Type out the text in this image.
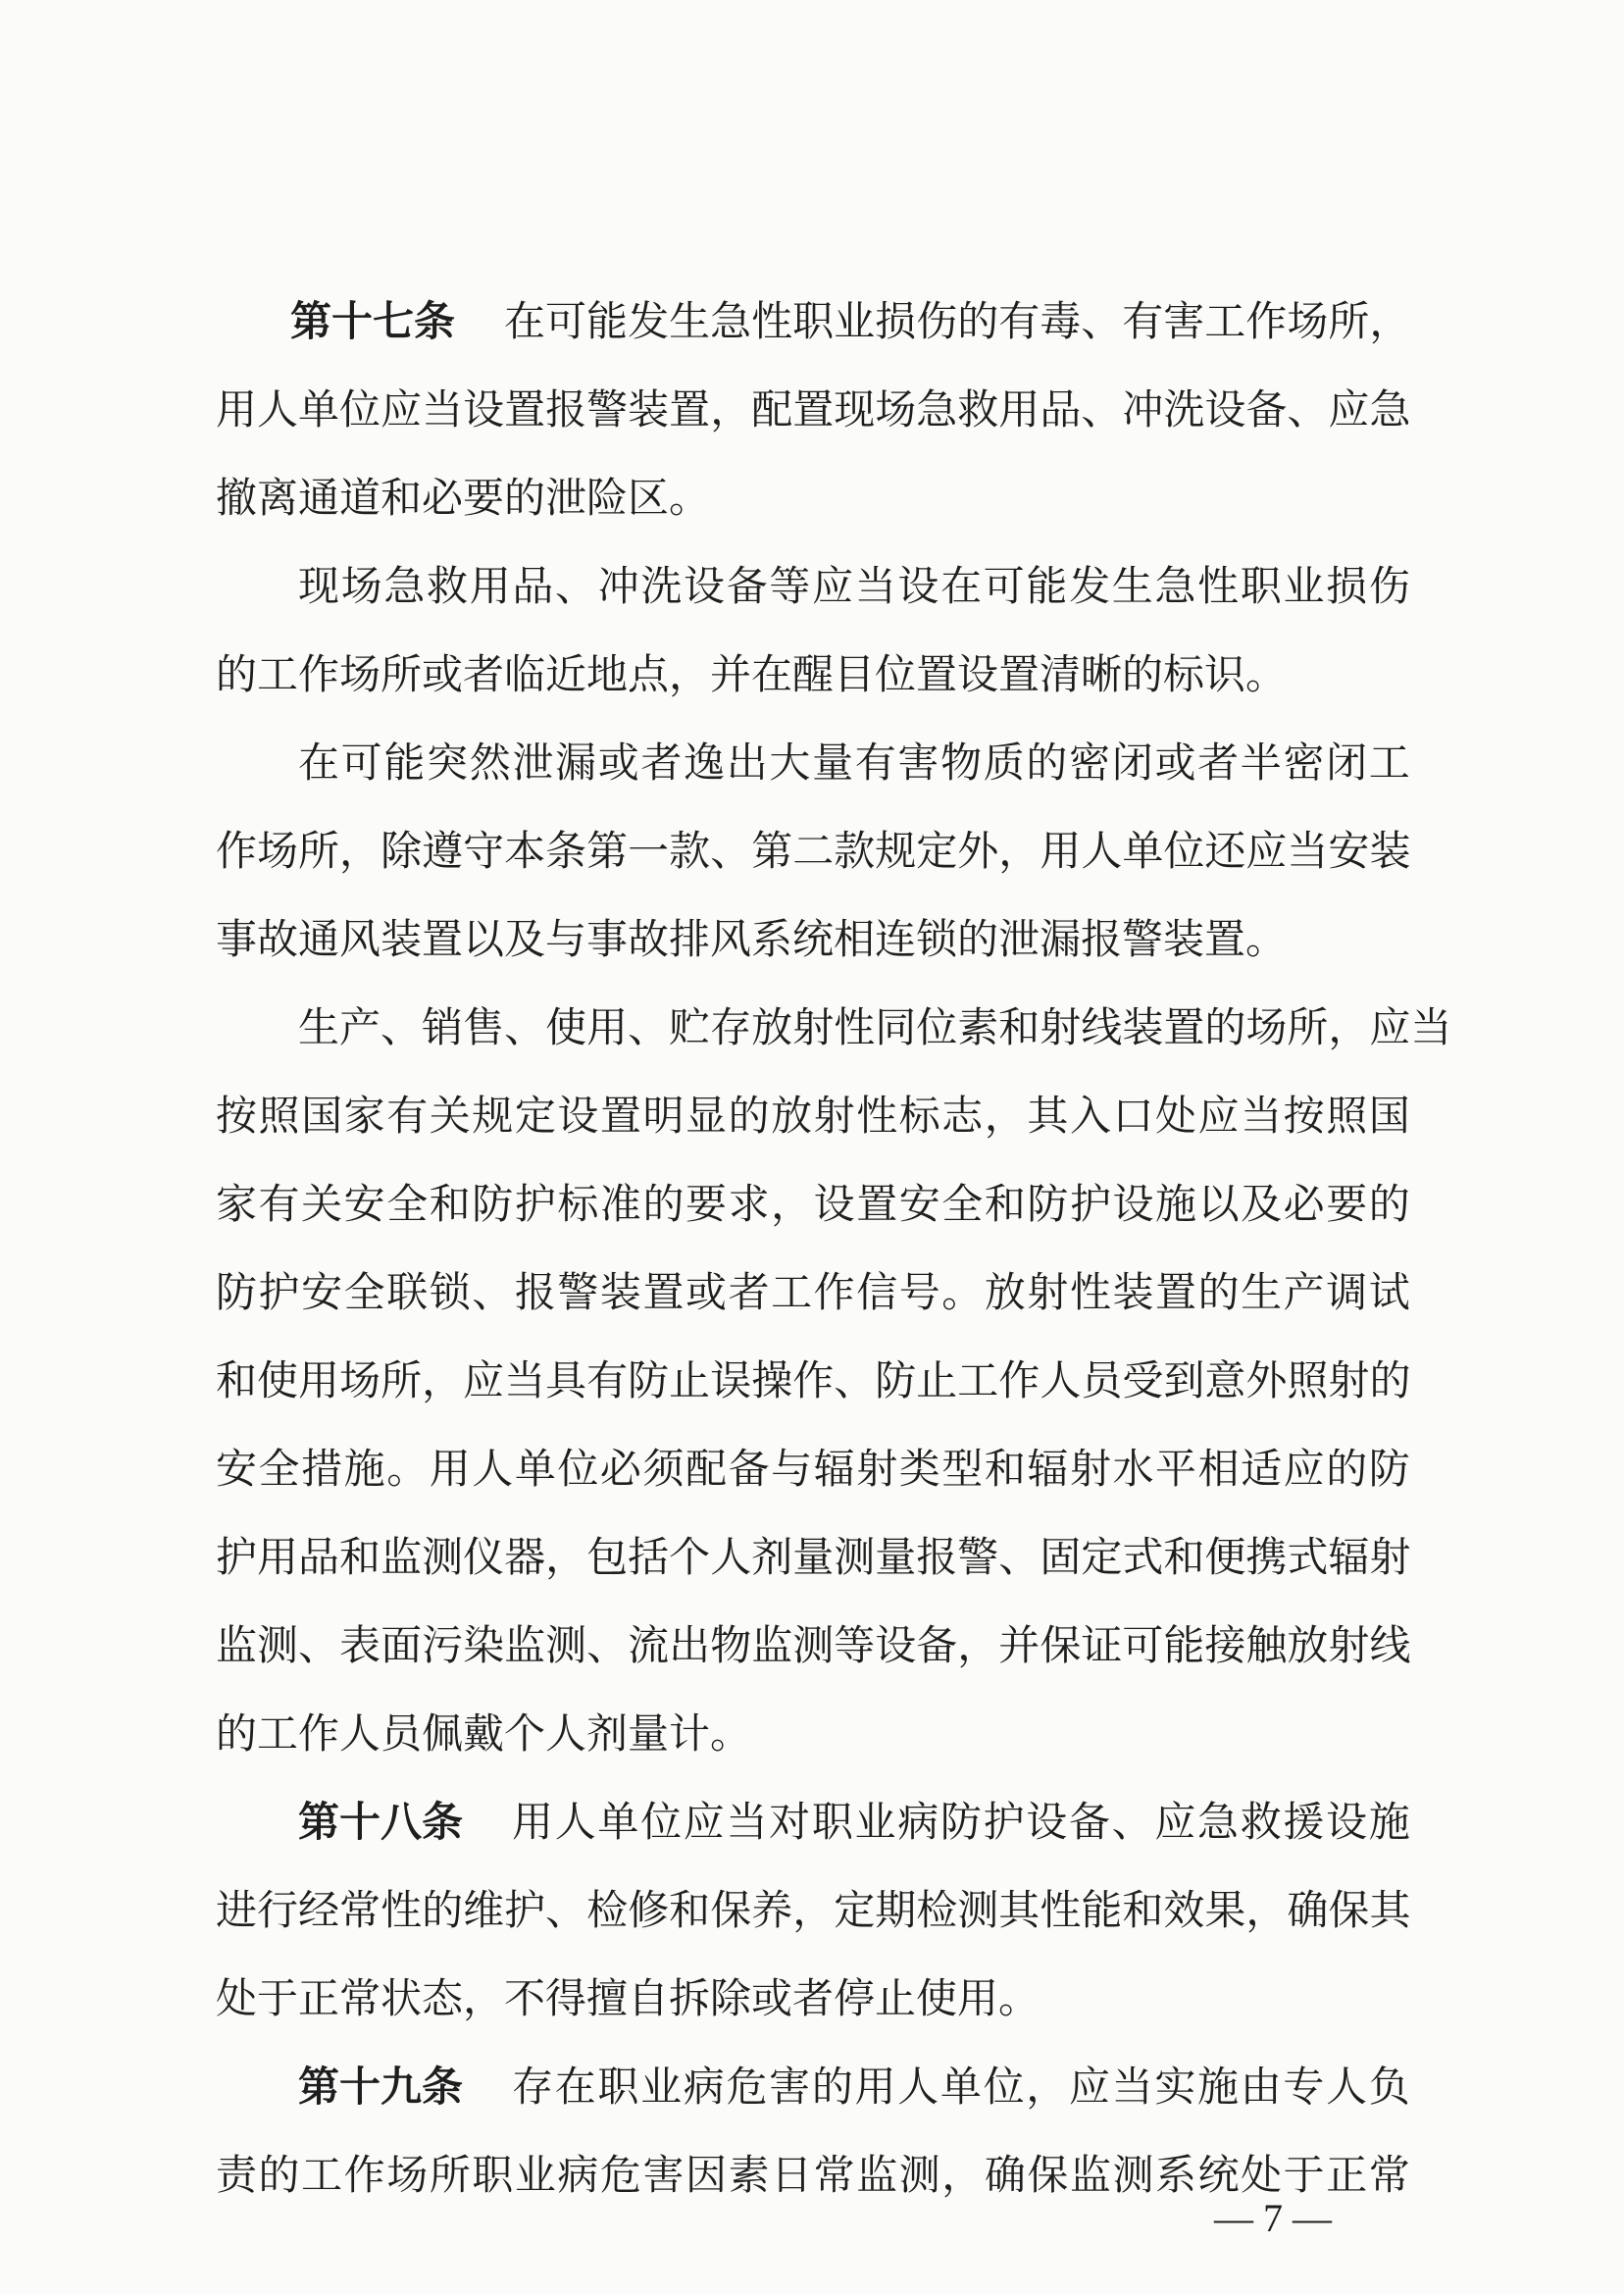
第十七条 在 可 能 发 生 急 性 职 业 损 伤 的 有 毒 、 有 害 工 作 场 所 ，
用 人 单 位 应 当 设 置 报 警 装 置 ， 配 置 现 场 急 救 用 品 、 冲 洗 设 备 、 应 急
撤离通道和必要的泄险区。
现 场 急 救 用 品 、 冲 洗 设 备 等 应 当 设 在 可 能 发 生 急 性 职 业 损 伤
的工作场所或者临近地点，并在醒目位置设置清晰的标识。
在 可 能 突 然 泄 漏 或 者 逸 出 大 量 有 害 物 质 的 密 闭 或 者 半 密 闭 工
作 场 所 ， 除 遵 守 本 条 第 一 款 、 第 二 款 规 定 外 ， 用 人 单 位 还 应 当 安 装
事故通风装置以及与事故排风系统相连锁的泄漏报警装置。
生 产 、 销 售 、 使 用 、 贮 存 放 射 性 同 位 素 和 射 线 装 置 的 场 所 ， 应 当
按 照 国 家 有 关 规 定 设 置 明 显 的 放 射 性 标 志 ， 其 入 口 处 应 当 按 照 国
家 有 关 安 全 和 防 护 标 准 的 要 求 ， 设 置 安 全 和 防 护 设 施 以 及 必 要 的
防 护 安 全 联 锁 、 报 警 装 置 或 者 工 作 信 号 。 放 射 性 装 置 的 生 产 调 试
和 使 用 场 所 ， 应 当 具 有 防 止 误 操 作 、 防 止 工 作 人 员 受 到 意 外 照 射 的
安 全 措 施 。 用 人 单 位 必 须 配 备 与 辐 射 类 型 和 辐 射 水 平 相 适 应 的 防
护 用 品 和 监 测 仪 器 ， 包 括 个 人 剂 量 测 量 报 警 、 固 定 式 和 便 携 式 辐 射
监 测 、 表 面 污 染 监 测 、 流 出 物 监 测 等 设 备 ， 并 保 证 可 能 接 触 放 射 线
的工作人员佩戴个人剂量计。
第十八条 用 人 单 位 应 当 对 职 业 病 防 护 设 备 、 应 急 救 援 设 施
进 行 经 常 性 的 维 护 、 检 修 和 保 养 ， 定 期 检 测 其 性 能 和 效 果 ， 确 保 其
处于正常状态，不得擅自拆除或者停止使用。
第十九条 存 在 职 业 病 危 害 的 用 人 单 位 ， 应 当 实 施 由 专 人 负
责 的 工 作 场 所 职 业 病 危 害 因 素 日 常 监 测 ， 确 保 监 测 系 统 处 于 正 常
— 7 —
